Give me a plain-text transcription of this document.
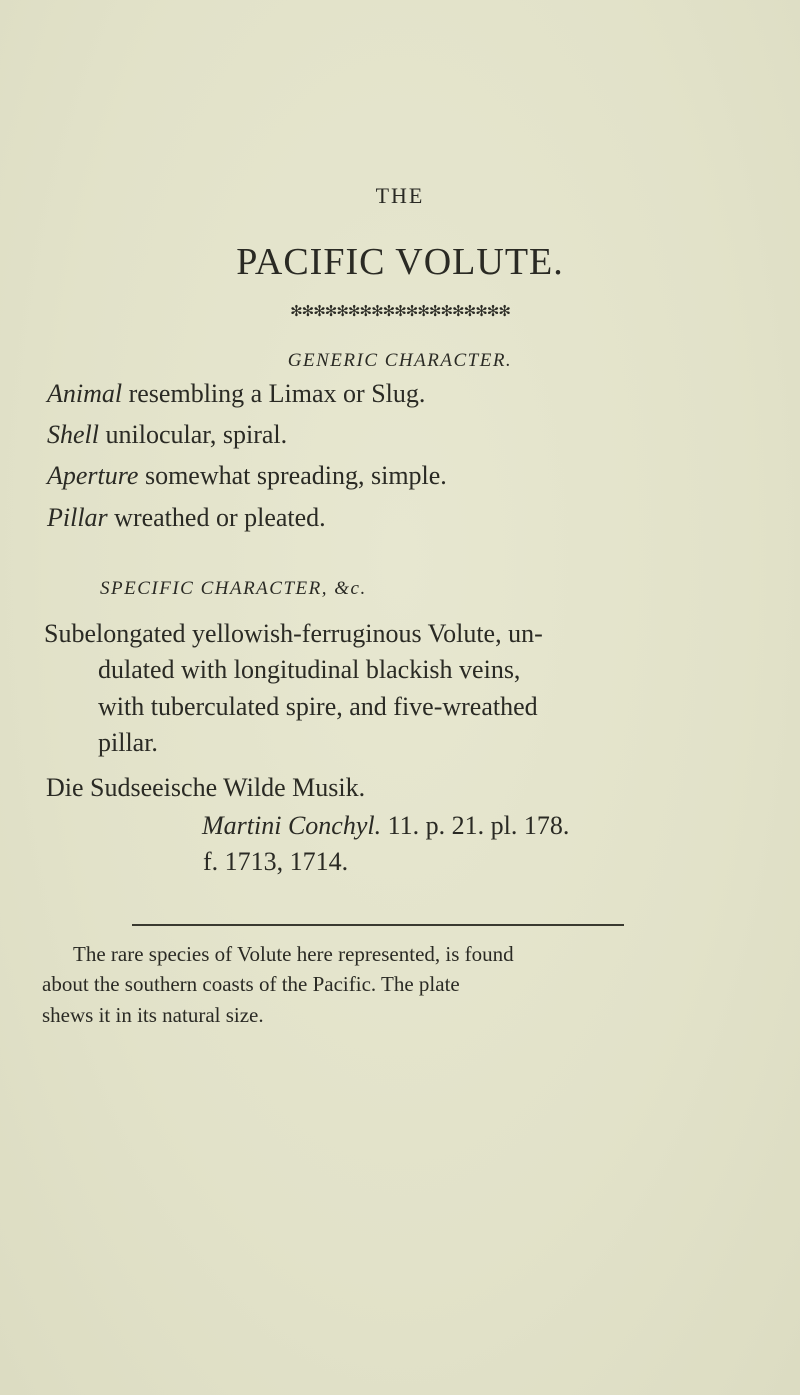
THE
PACIFIC VOLUTE.
✻✻✻✻✻✻✻✻✻✻✻✻✻✻✻✻✻✻✻
GENERIC CHARACTER.
Animal resembling a Limax or Slug.
Shell unilocular, spiral.
Aperture somewhat spreading, simple.
Pillar wreathed or pleated.
SPECIFIC CHARACTER, &c.
Subelongated yellowish-ferruginous Volute, un-
dulated with longitudinal blackish veins,
with tuberculated spire, and five-wreathed
pillar.
Die Sudseeische Wilde Musik.
Martini Conchyl. 11. p. 21. pl. 178.
f. 1713, 1714.
The rare species of Volute here represented, is found
about the southern coasts of the Pacific. The plate
shews it in its natural size.
